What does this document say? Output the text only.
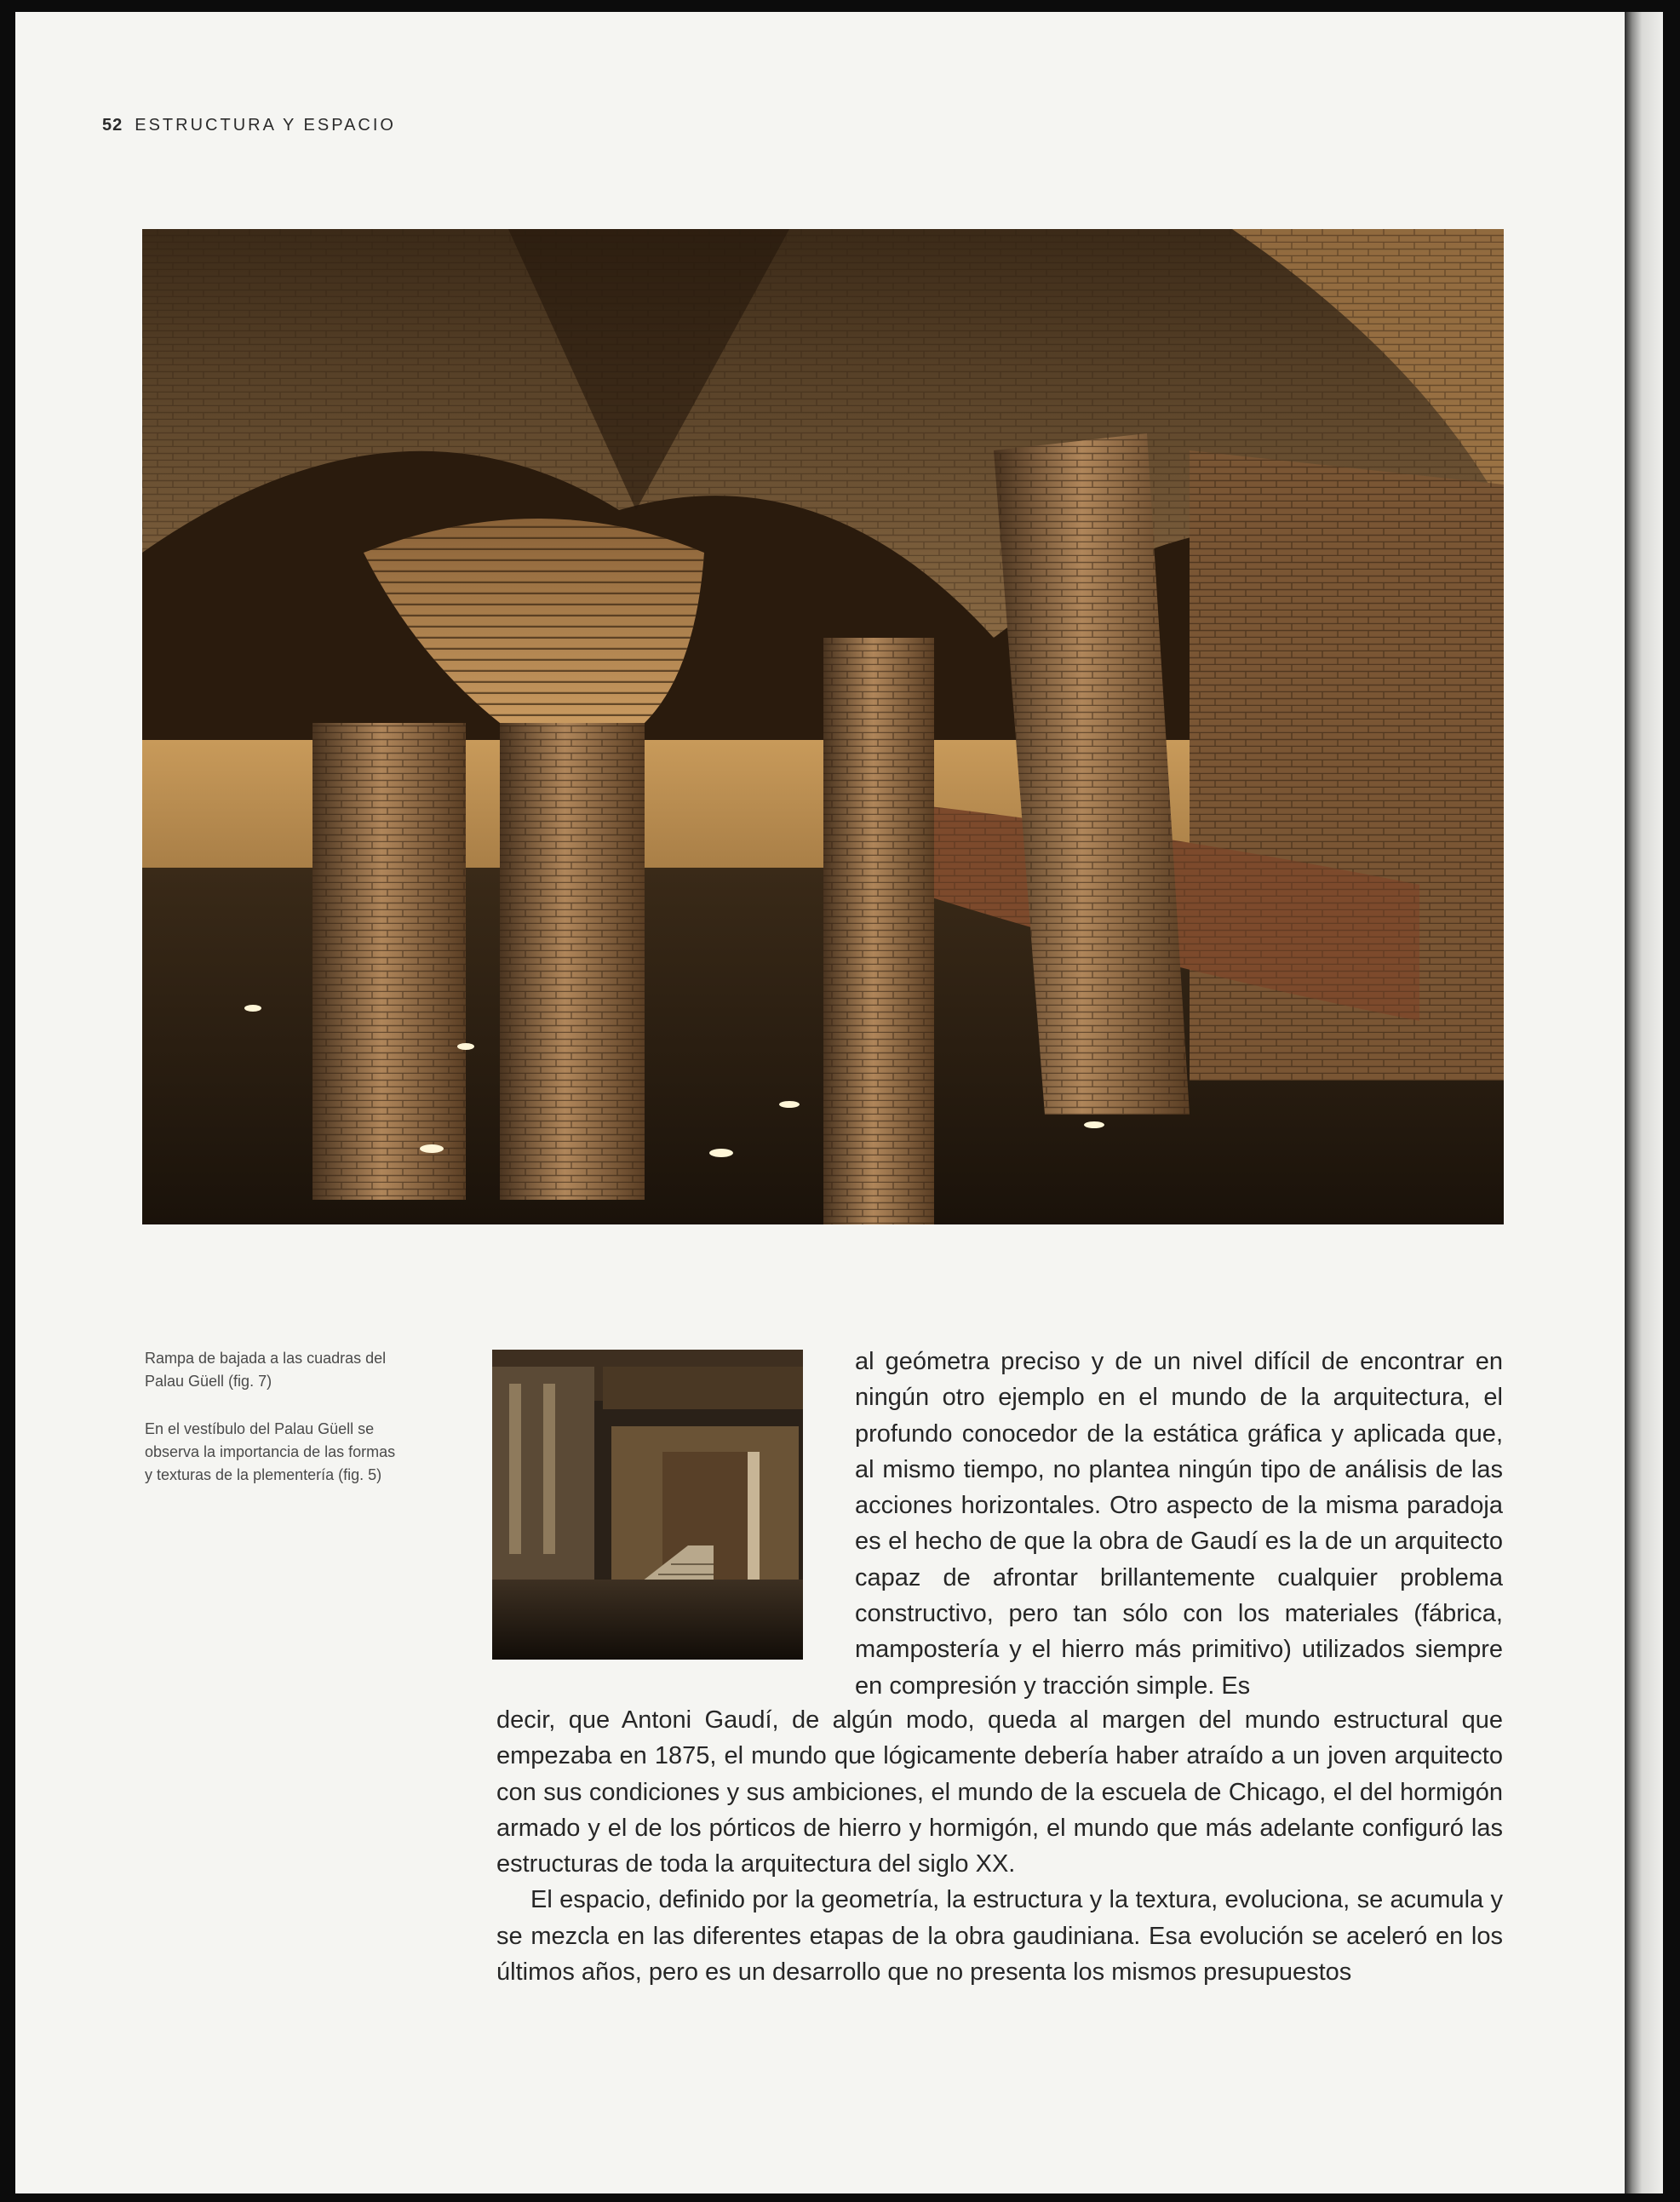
52 ESTRUCTURA Y ESPACIO
Rampa de bajada a las cuadras del Palau Güell (fig. 7)
En el vestíbulo del Palau Güell se observa la importancia de las formas y texturas de la plementería (fig. 5)

al geómetra preciso y de un nivel difícil de encontrar en ningún otro ejemplo en el mundo de la arquitectura, el profundo conocedor de la estática gráfica y aplicada que, al mismo tiempo, no plantea ningún tipo de análisis de las acciones horizontales. Otro aspecto de la misma paradoja es el hecho de que la obra de Gaudí es la de un arquitecto capaz de afrontar brillantemente cualquier problema constructivo, pero tan sólo con los materiales (fábrica, mampostería y el hierro más primitivo) utilizados siempre en compresión y tracción simple. Es

decir, que Antoni Gaudí, de algún modo, queda al margen del mundo estructural que empezaba en 1875, el mundo que lógicamente debería haber atraído a un joven arquitecto con sus condiciones y sus ambiciones, el mundo de la escuela de Chicago, el del hormigón armado y el de los pórticos de hierro y hormigón, el mundo que más adelante configuró las estructuras de toda la arquitectura del siglo XX.

El espacio, definido por la geometría, la estructura y la textura, evoluciona, se acumula y se mezcla en las diferentes etapas de la obra gaudiniana. Esa evolución se aceleró en los últimos años, pero es un desarrollo que no presenta los mismos presupuestos
